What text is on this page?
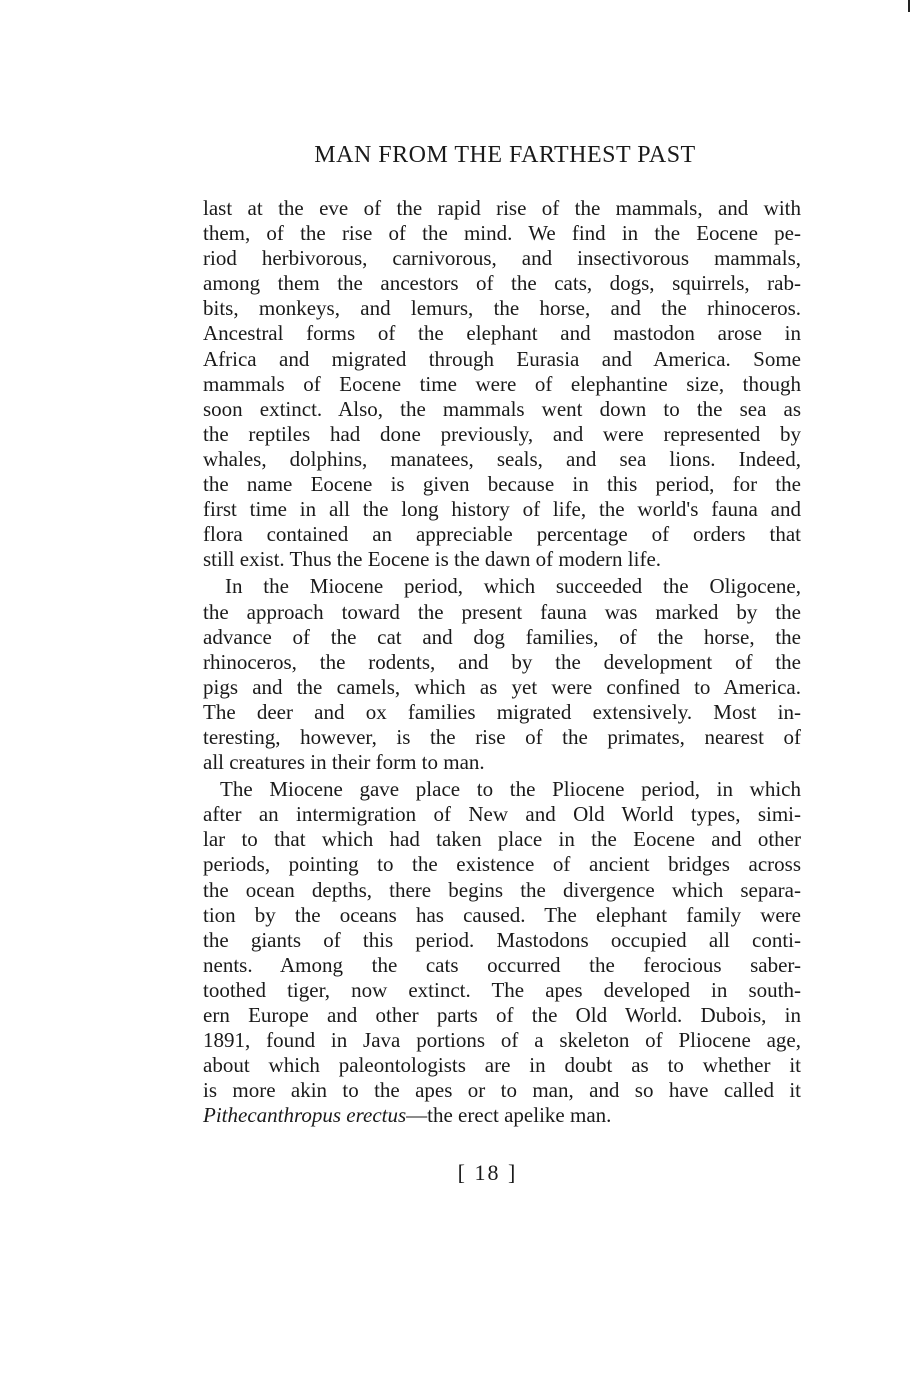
MAN FROM THE FARTHEST PAST
last at the eve of the rapid rise of the mammals, and with
them, of the rise of the mind. We find in the Eocene pe-
riod herbivorous, carnivorous, and insectivorous mammals,
among them the ancestors of the cats, dogs, squirrels, rab-
bits, monkeys, and lemurs, the horse, and the rhinoceros.
Ancestral forms of the elephant and mastodon arose in
Africa and migrated through Eurasia and America. Some
mammals of Eocene time were of elephantine size, though
soon extinct. Also, the mammals went down to the sea as
the reptiles had done previously, and were represented by
whales, dolphins, manatees, seals, and sea lions. Indeed,
the name Eocene is given because in this period, for the
first time in all the long history of life, the world's fauna and
flora contained an appreciable percentage of orders that
still exist. Thus the Eocene is the dawn of modern life.
In the Miocene period, which succeeded the Oligocene,
the approach toward the present fauna was marked by the
advance of the cat and dog families, of the horse, the
rhinoceros, the rodents, and by the development of the
pigs and the camels, which as yet were confined to America.
The deer and ox families migrated extensively. Most in-
teresting, however, is the rise of the primates, nearest of
all creatures in their form to man.
The Miocene gave place to the Pliocene period, in which
after an intermigration of New and Old World types, simi-
lar to that which had taken place in the Eocene and other
periods, pointing to the existence of ancient bridges across
the ocean depths, there begins the divergence which separa-
tion by the oceans has caused. The elephant family were
the giants of this period. Mastodons occupied all conti-
nents. Among the cats occurred the ferocious saber-
toothed tiger, now extinct. The apes developed in south-
ern Europe and other parts of the Old World. Dubois, in
1891, found in Java portions of a skeleton of Pliocene age,
about which paleontologists are in doubt as to whether it
is more akin to the apes or to man, and so have called it
Pithecanthropus erectus—the erect apelike man.
[ 18 ]
